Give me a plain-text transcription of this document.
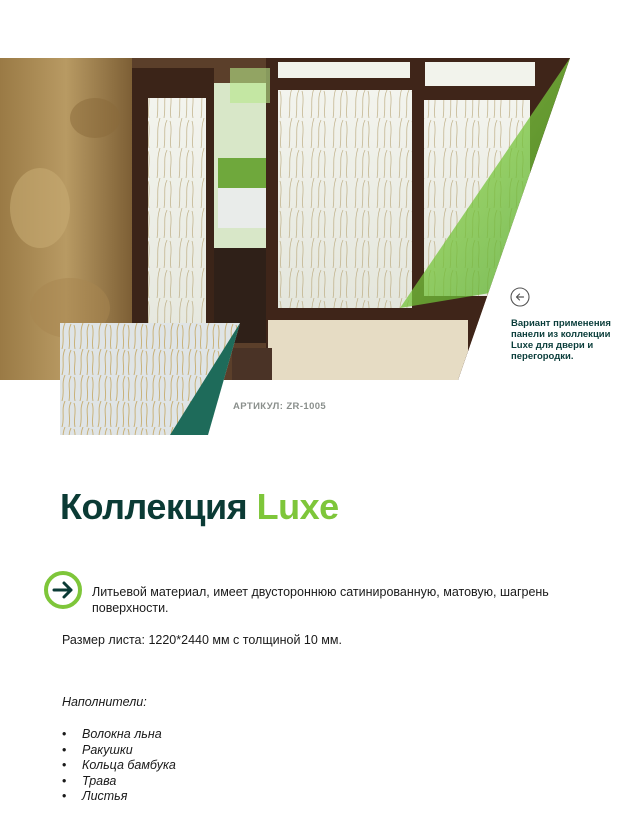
Вариант применения панели из коллекции Luxe для двери и перегородки.
АРТИКУЛ: ZR-1005
Коллекция Luxe

Литьевой материал, имеет двустороннюю сатинированную, матовую, шагрень поверхности.

Размер листа: 1220*2440 мм с толщиной 10 мм.

Наполнители:

• Волокна льна
• Ракушки
• Кольца бамбука
• Трава
• Листья
